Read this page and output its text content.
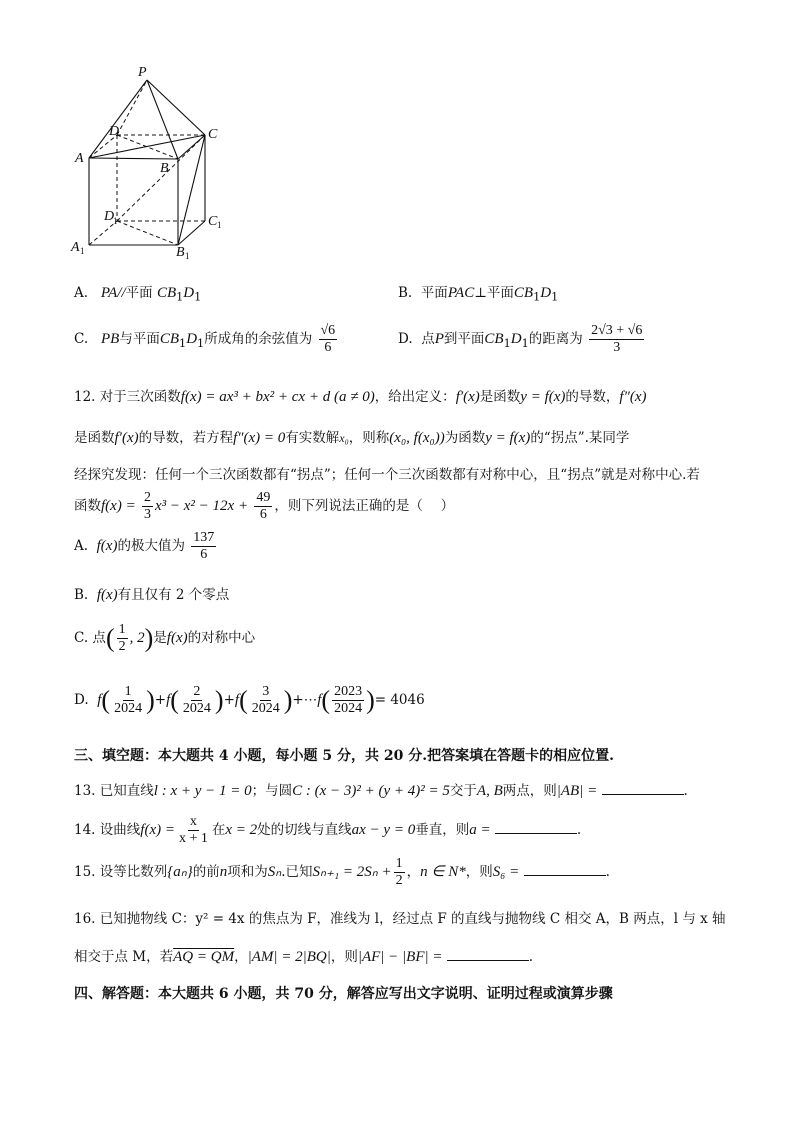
P
D	C
A
B
D
1	C 1
A 1	B 1
A. PA//平面 $CB_1D_1$	B. 平面PAC⊥平面$CB_1D_1$
C. PB与平面$CB_1D_1$所成角的余弦值为 $\frac{√6}{6}$	D. 点P到平面$CB_1D_1$的距离为 $\frac{2√3 + √6}{3}$
12. 对于三次函数f(x) = ax³ + bx² + cx + d (a ≠ 0)，给出定义：f′(x)是函数y = f(x)的导数，f″(x)
是函数f′(x)的导数，若方程f″(x) = 0有实数解x₀，则称(x₀, f(x₀))为函数y = f(x)的“拐点”.某同学
经探究发现：任何一个三次函数都有“拐点”；任何一个三次函数都有对称中心，且“拐点”就是对称中心.若
函数$f(x) = \frac{2}{3} x^3 - x^2 - 12x + \frac{49}{6}$ ，则下列说法正确的是（　 ）
A. f(x)的极大值为 $\frac{137}{6}$
B. f(x)有且仅有 2 个零点
C. 点( $\frac{1}{2}$ , 2)是f(x)的对称中心
D. $f( \frac{1}{2024} )+f( \frac{2}{2024} )+f( \frac{3}{2024}$ )+⋯f( $\frac{2023}{2024}$ )= 4046
三、填空题：本大题共 4 小题，每小题 5 分，共 20 分.把答案填在答题卡的相应位置.
13. 已知直线l : x + y − 1 = 0；与圆C : (x − 3)² + (y + 4)² = 5交于A, B两点，则|AB| =	.
14. 设曲线$f(x) = \frac{x}{x + 1}$ 在x = 2处的切线与直线ax − y = 0垂直，则a =	.
15. 设等比数列{aₙ}的前n项和为Sₙ.已知$S_{n+1} = 2S_n + \frac{1}{2}$ ，n ∈ N*，则S₆ =	.
16. 已知抛物线 C：y² = 4x 的焦点为 F，准线为 l，经过点 F 的直线与抛物线 C 相交 A，B 两点，l 与 x 轴
相交于点 M，若AQ = QM，|AM| = 2|BQ|，则|AF| − |BF| =	.
四、解答题：本大题共 6 小题，共 70 分，解答应写出文字说明、证明过程或演算步骤
